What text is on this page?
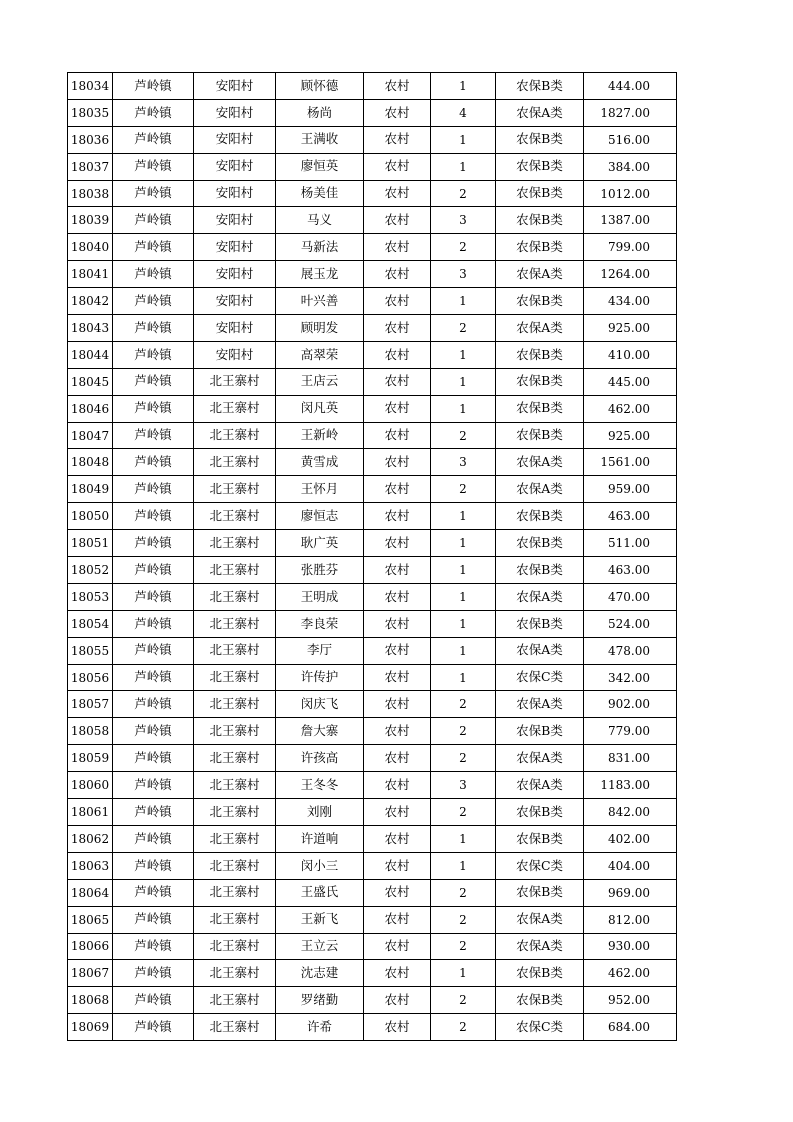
18034	芦岭镇	安阳村	顾怀德	农村	1	农保B类	444.00
18035	芦岭镇	安阳村	杨尚	农村	4	农保A类	1827.00
18036	芦岭镇	安阳村	王满收	农村	1	农保B类	516.00
18037	芦岭镇	安阳村	廖恒英	农村	1	农保B类	384.00
18038	芦岭镇	安阳村	杨美佳	农村	2	农保B类	1012.00
18039	芦岭镇	安阳村	马义	农村	3	农保B类	1387.00
18040	芦岭镇	安阳村	马新法	农村	2	农保B类	799.00
18041	芦岭镇	安阳村	展玉龙	农村	3	农保A类	1264.00
18042	芦岭镇	安阳村	叶兴善	农村	1	农保B类	434.00
18043	芦岭镇	安阳村	顾明发	农村	2	农保A类	925.00
18044	芦岭镇	安阳村	高翠荣	农村	1	农保B类	410.00
18045	芦岭镇	北王寨村	王店云	农村	1	农保B类	445.00
18046	芦岭镇	北王寨村	闵凡英	农村	1	农保B类	462.00
18047	芦岭镇	北王寨村	王新岭	农村	2	农保B类	925.00
18048	芦岭镇	北王寨村	黄雪成	农村	3	农保A类	1561.00
18049	芦岭镇	北王寨村	王怀月	农村	2	农保A类	959.00
18050	芦岭镇	北王寨村	廖恒志	农村	1	农保B类	463.00
18051	芦岭镇	北王寨村	耿广英	农村	1	农保B类	511.00
18052	芦岭镇	北王寨村	张胜芬	农村	1	农保B类	463.00
18053	芦岭镇	北王寨村	王明成	农村	1	农保A类	470.00
18054	芦岭镇	北王寨村	李良荣	农村	1	农保B类	524.00
18055	芦岭镇	北王寨村	李厅	农村	1	农保A类	478.00
18056	芦岭镇	北王寨村	许传护	农村	1	农保C类	342.00
18057	芦岭镇	北王寨村	闵庆飞	农村	2	农保A类	902.00
18058	芦岭镇	北王寨村	詹大寨	农村	2	农保B类	779.00
18059	芦岭镇	北王寨村	许孩高	农村	2	农保A类	831.00
18060	芦岭镇	北王寨村	王冬冬	农村	3	农保A类	1183.00
18061	芦岭镇	北王寨村	刘刚	农村	2	农保B类	842.00
18062	芦岭镇	北王寨村	许道响	农村	1	农保B类	402.00
18063	芦岭镇	北王寨村	闵小三	农村	1	农保C类	404.00
18064	芦岭镇	北王寨村	王盛氏	农村	2	农保B类	969.00
18065	芦岭镇	北王寨村	王新飞	农村	2	农保A类	812.00
18066	芦岭镇	北王寨村	王立云	农村	2	农保A类	930.00
18067	芦岭镇	北王寨村	沈志建	农村	1	农保B类	462.00
18068	芦岭镇	北王寨村	罗绪勤	农村	2	农保B类	952.00
18069	芦岭镇	北王寨村	许希	农村	2	农保C类	684.00
